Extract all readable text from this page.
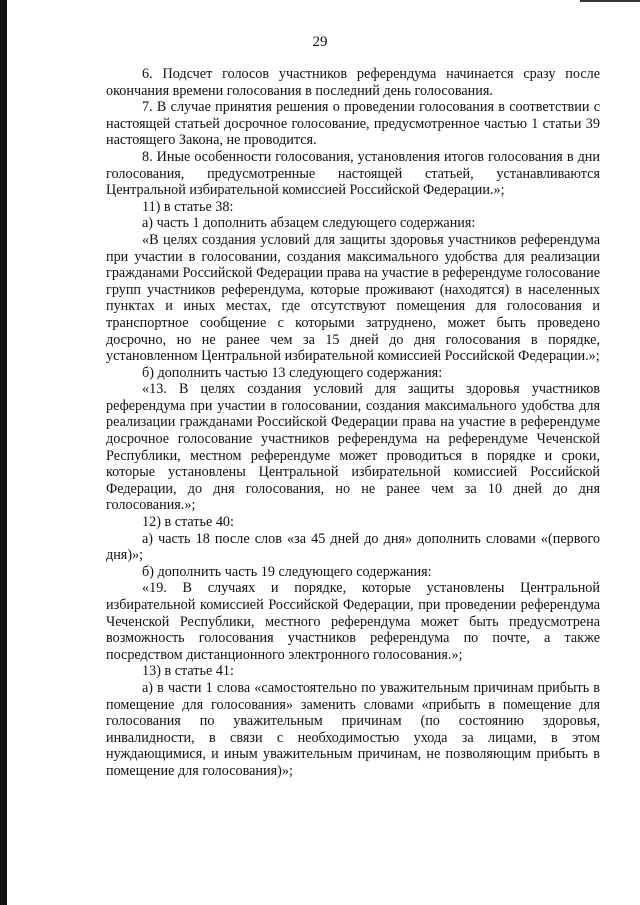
29

6. Подсчет голосов участников референдума начинается сразу после окончания времени голосования в последний день голосования.

7. В случае принятия решения о проведении голосования в соответствии с настоящей статьей досрочное голосование, предусмотренное частью 1 статьи 39 настоящего Закона, не проводится.

8. Иные особенности голосования, установления итогов голосования в дни голосования, предусмотренные настоящей статьей, устанавливаются Центральной избирательной комиссией Российской Федерации.»;

11) в статье 38:

а) часть 1 дополнить абзацем следующего содержания:

«В целях создания условий для защиты здоровья участников референдума при участии в голосовании, создания максимального удобства для реализации гражданами Российской Федерации права на участие в референдуме голосование групп участников референдума, которые проживают (находятся) в населенных пунктах и иных местах, где отсутствуют помещения для голосования и транспортное сообщение с которыми затруднено, может быть проведено досрочно, но не ранее чем за 15 дней до дня голосования в порядке, установленном Центральной избирательной комиссией Российской Федерации.»;

б) дополнить частью 13 следующего содержания:

«13. В целях создания условий для защиты здоровья участников референдума при участии в голосовании, создания максимального удобства для реализации гражданами Российской Федерации права на участие в референдуме досрочное голосование участников референдума на референдуме Чеченской Республики, местном референдуме может проводиться в порядке и сроки, которые установлены Центральной избирательной комиссией Российской Федерации, до дня голосования, но не ранее чем за 10 дней до дня голосования.»;

12) в статье 40:

а) часть 18 после слов «за 45 дней до дня» дополнить словами «(первого дня)»;

б) дополнить часть 19 следующего содержания:

«19. В случаях и порядке, которые установлены Центральной избирательной комиссией Российской Федерации, при проведении референдума Чеченской Республики, местного референдума может быть предусмотрена возможность голосования участников референдума по почте, а также посредством дистанционного электронного голосования.»;

13) в статье 41:

а) в части 1 слова «самостоятельно по уважительным причинам прибыть в помещение для голосования» заменить словами «прибыть в помещение для голосования по уважительным причинам (по состоянию здоровья, инвалидности, в связи с необходимостью ухода за лицами, в этом нуждающимися, и иным уважительным причинам, не позволяющим прибыть в помещение для голосования)»;
